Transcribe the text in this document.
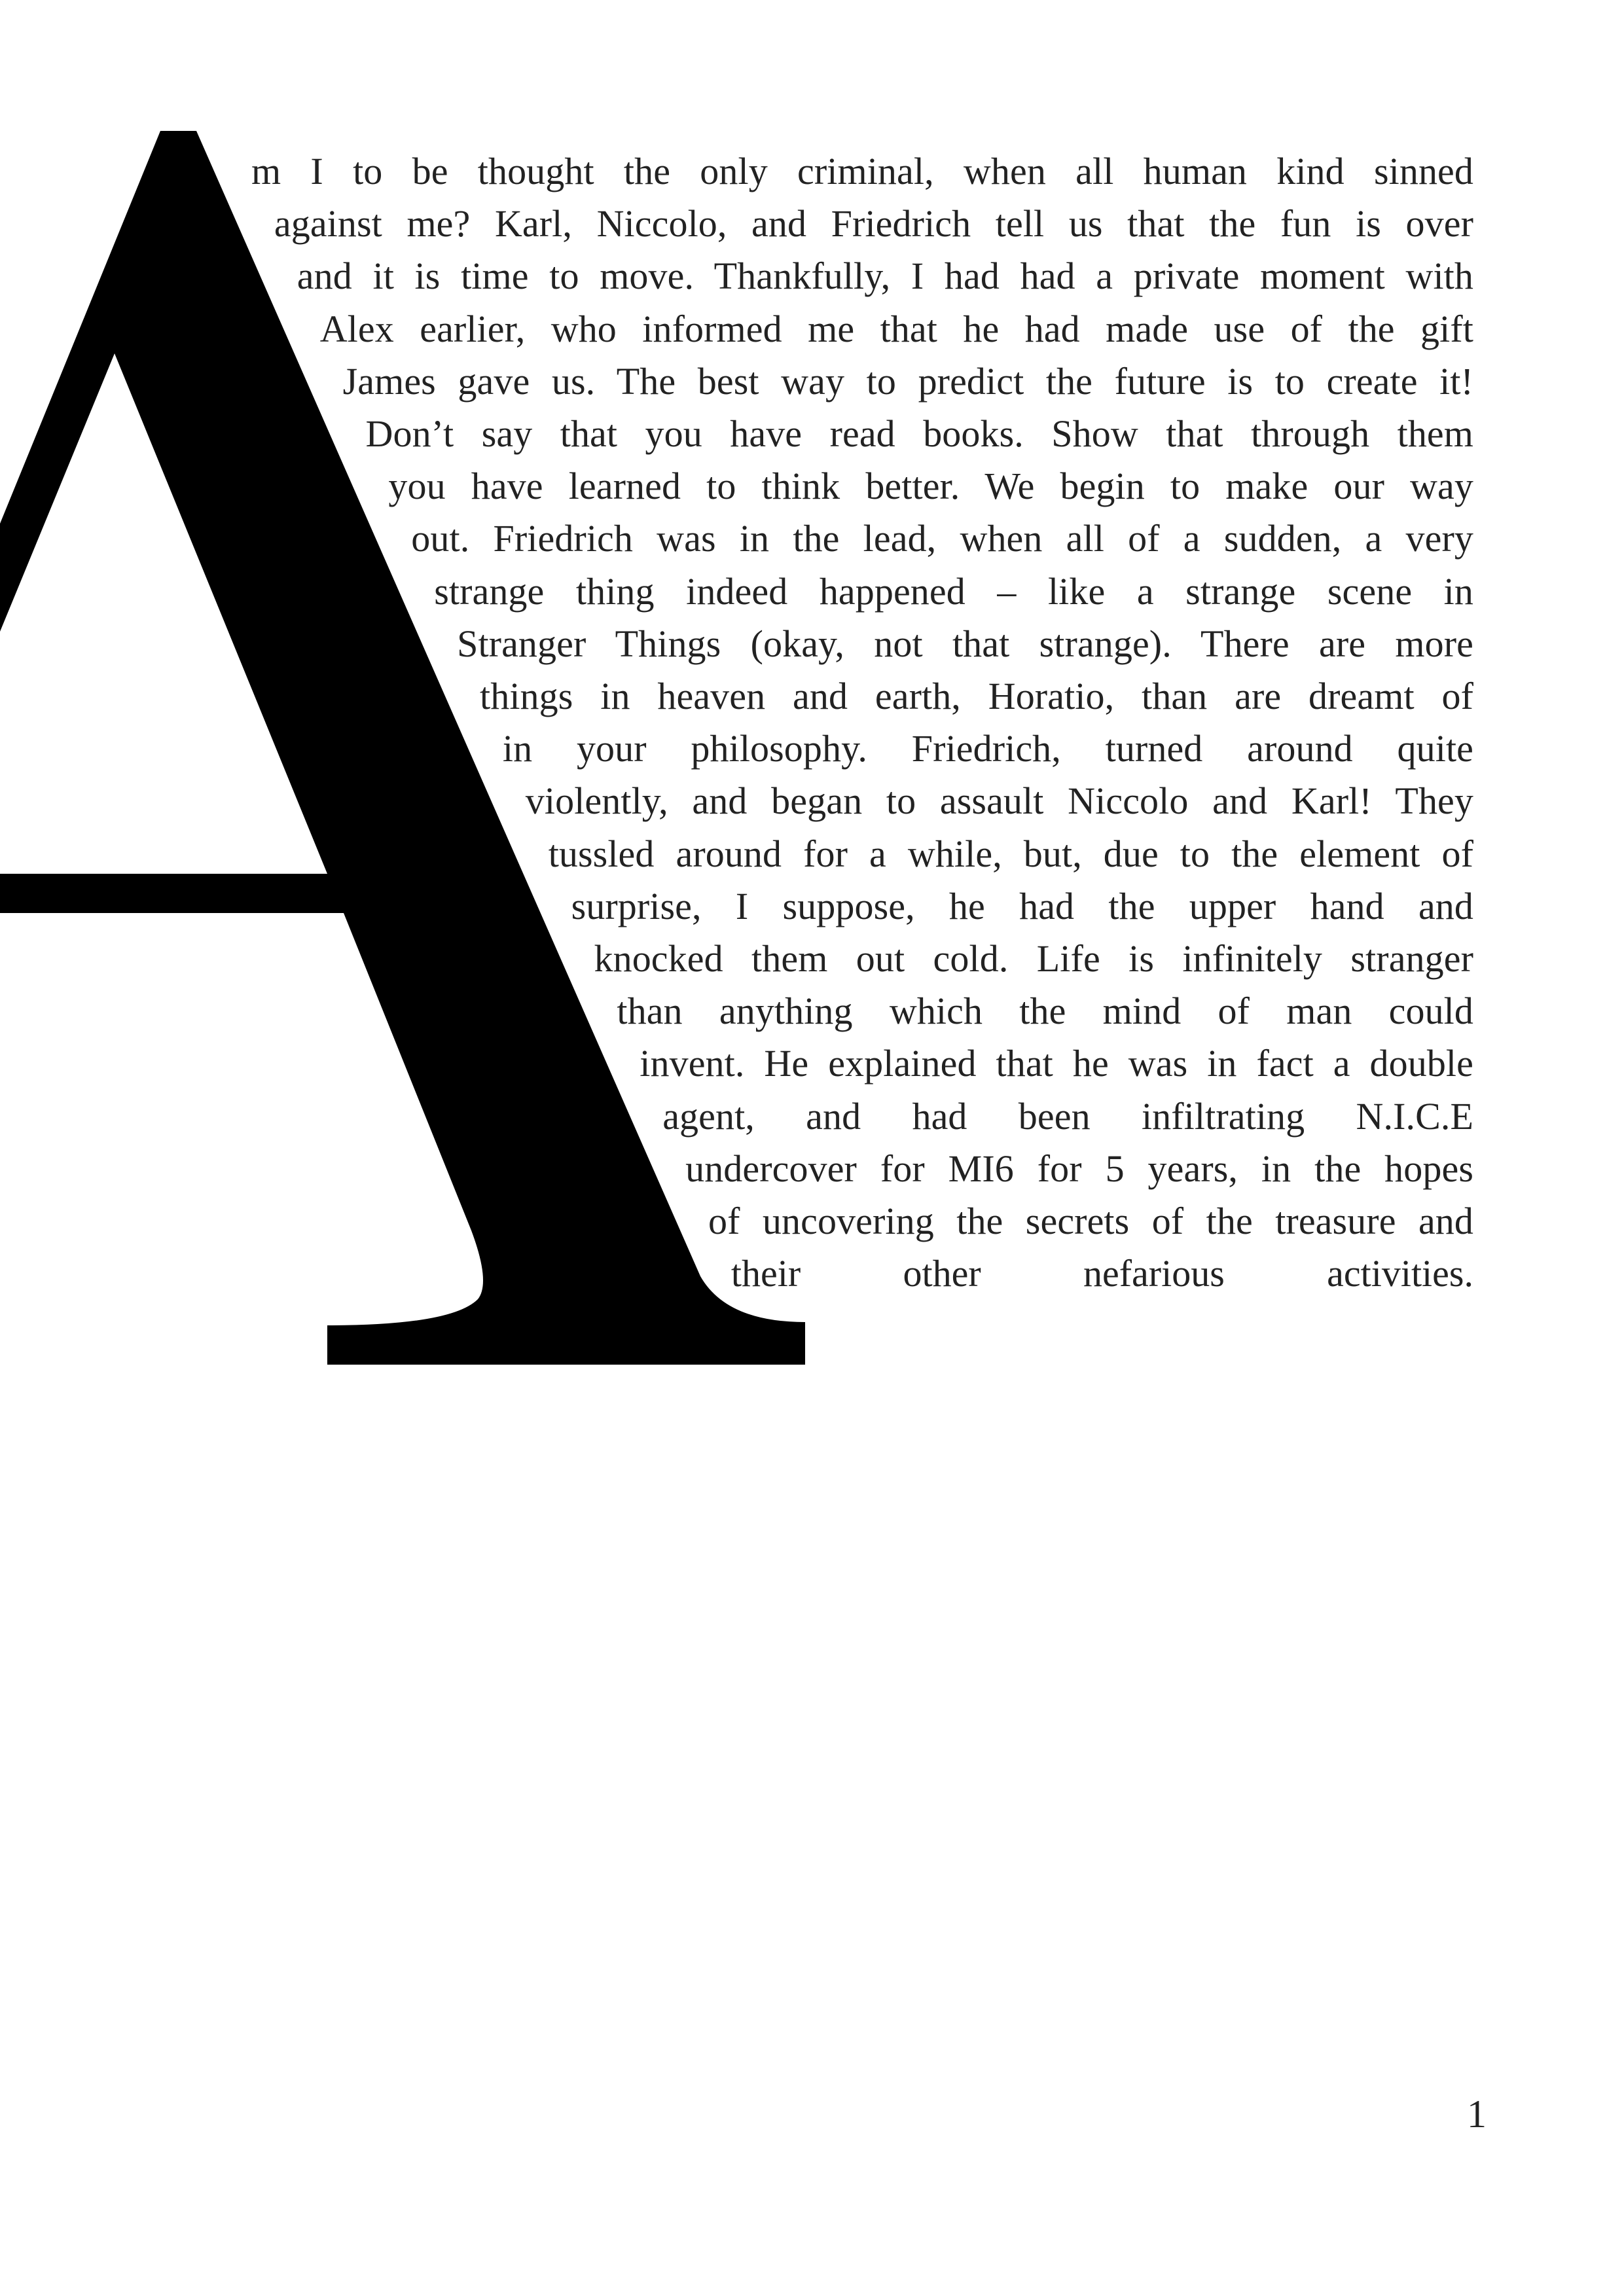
m I to be thought the only criminal, when all human kind sinned
against me? Karl, Niccolo, and Friedrich tell us that the fun is over
and it is time to move. Thankfully, I had had a private moment with
Alex earlier, who informed me that he had made use of the gift
James gave us. The best way to predict the future is to create it!
Don’t say that you have read books. Show that through them
you have learned to think better. We begin to make our way
out. Friedrich was in the lead, when all of a sudden, a very
strange thing indeed happened – like a strange scene in
Stranger Things (okay, not that strange). There are more
things in heaven and earth, Horatio, than are dreamt of
in your philosophy. Friedrich, turned around quite
violently, and began to assault Niccolo and Karl! They
tussled around for a while, but, due to the element of
surprise, I suppose, he had the upper hand and
knocked them out cold. Life is infinitely stranger
than anything which the mind of man could
invent. He explained that he was in fact a double
agent, and had been infiltrating N.I.C.E
undercover for MI6 for 5 years, in the hopes
of uncovering the secrets of the treasure and
their other nefarious activities.
1
